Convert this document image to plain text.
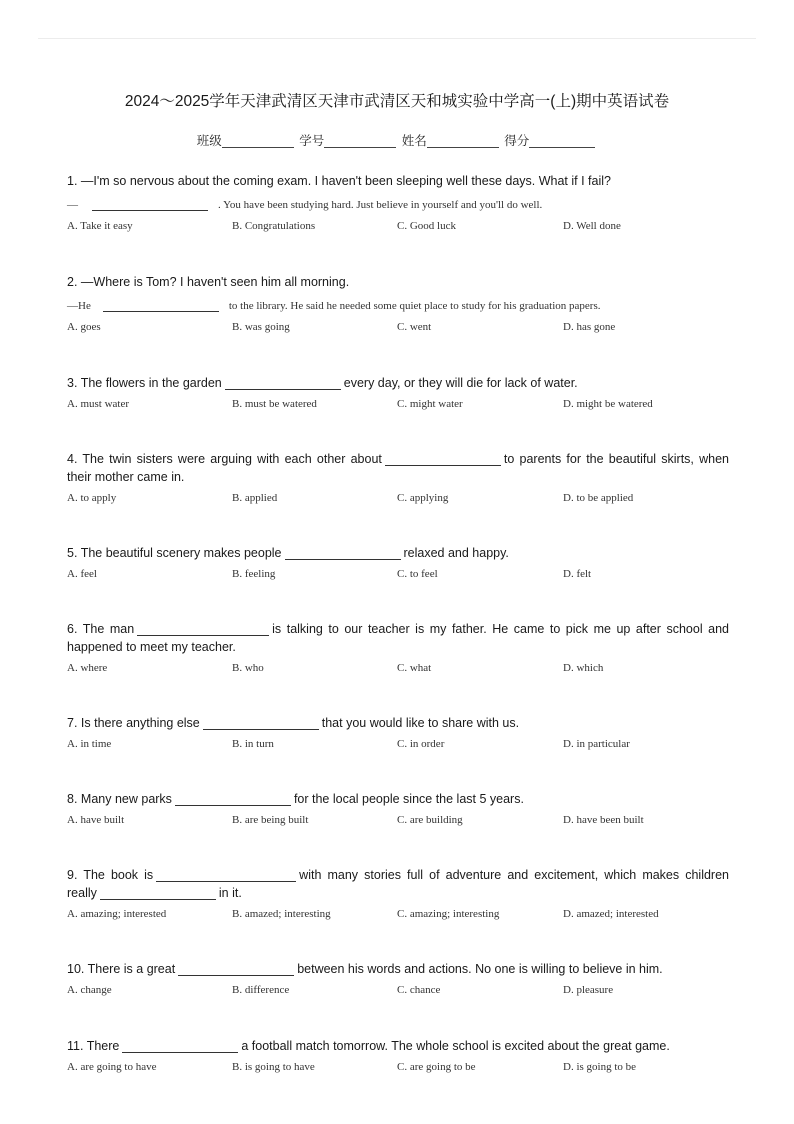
2024～2025学年天津武清区天津市武清区天和城实验中学高一(上)期中英语试卷
班级	学号	姓名	得分
1. —I'm so nervous about the coming exam. I haven't been sleeping well these days. What if I fail?
—	. You have been studying hard. Just believe in yourself and you'll do well.
A. Take it easy	B. Congratulations	C. Good luck	D. Well done
2. —Where is Tom? I haven't seen him all morning.
—He	to the library. He said he needed some quiet place to study for his graduation papers.
A. goes	B. was going	C. went	D. has gone
3. The flowers in the garden	every day, or they will die for lack of water.
A. must water	B. must be watered	C. might water	D. might be watered
4. The twin sisters were arguing with each other about	to parents for the beautiful skirts, when
their mother came in.
A. to apply	B. applied	C. applying	D. to be applied
5. The beautiful scenery makes people	relaxed and happy.
A. feel	B. feeling	C. to feel	D. felt
6. The man	is talking to our teacher is my father. He came to pick me up after school and
happened to meet my teacher.
A. where	B. who	C. what	D. which
7. Is there anything else	that you would like to share with us.
A. in time	B. in turn	C. in order	D. in particular
8. Many new parks	for the local people since the last 5 years.
A. have built	B. are being built	C. are building	D. have been built
9. The book is	with many stories full of adventure and excitement, which makes children
really	in it.
A. amazing; interested	B. amazed; interesting	C. amazing; interesting	D. amazed; interested
10. There is a great	between his words and actions. No one is willing to believe in him.
A. change	B. difference	C. chance	D. pleasure
11. There	a football match tomorrow. The whole school is excited about the great game.
A. are going to have	B. is going to have	C. are going to be	D. is going to be
